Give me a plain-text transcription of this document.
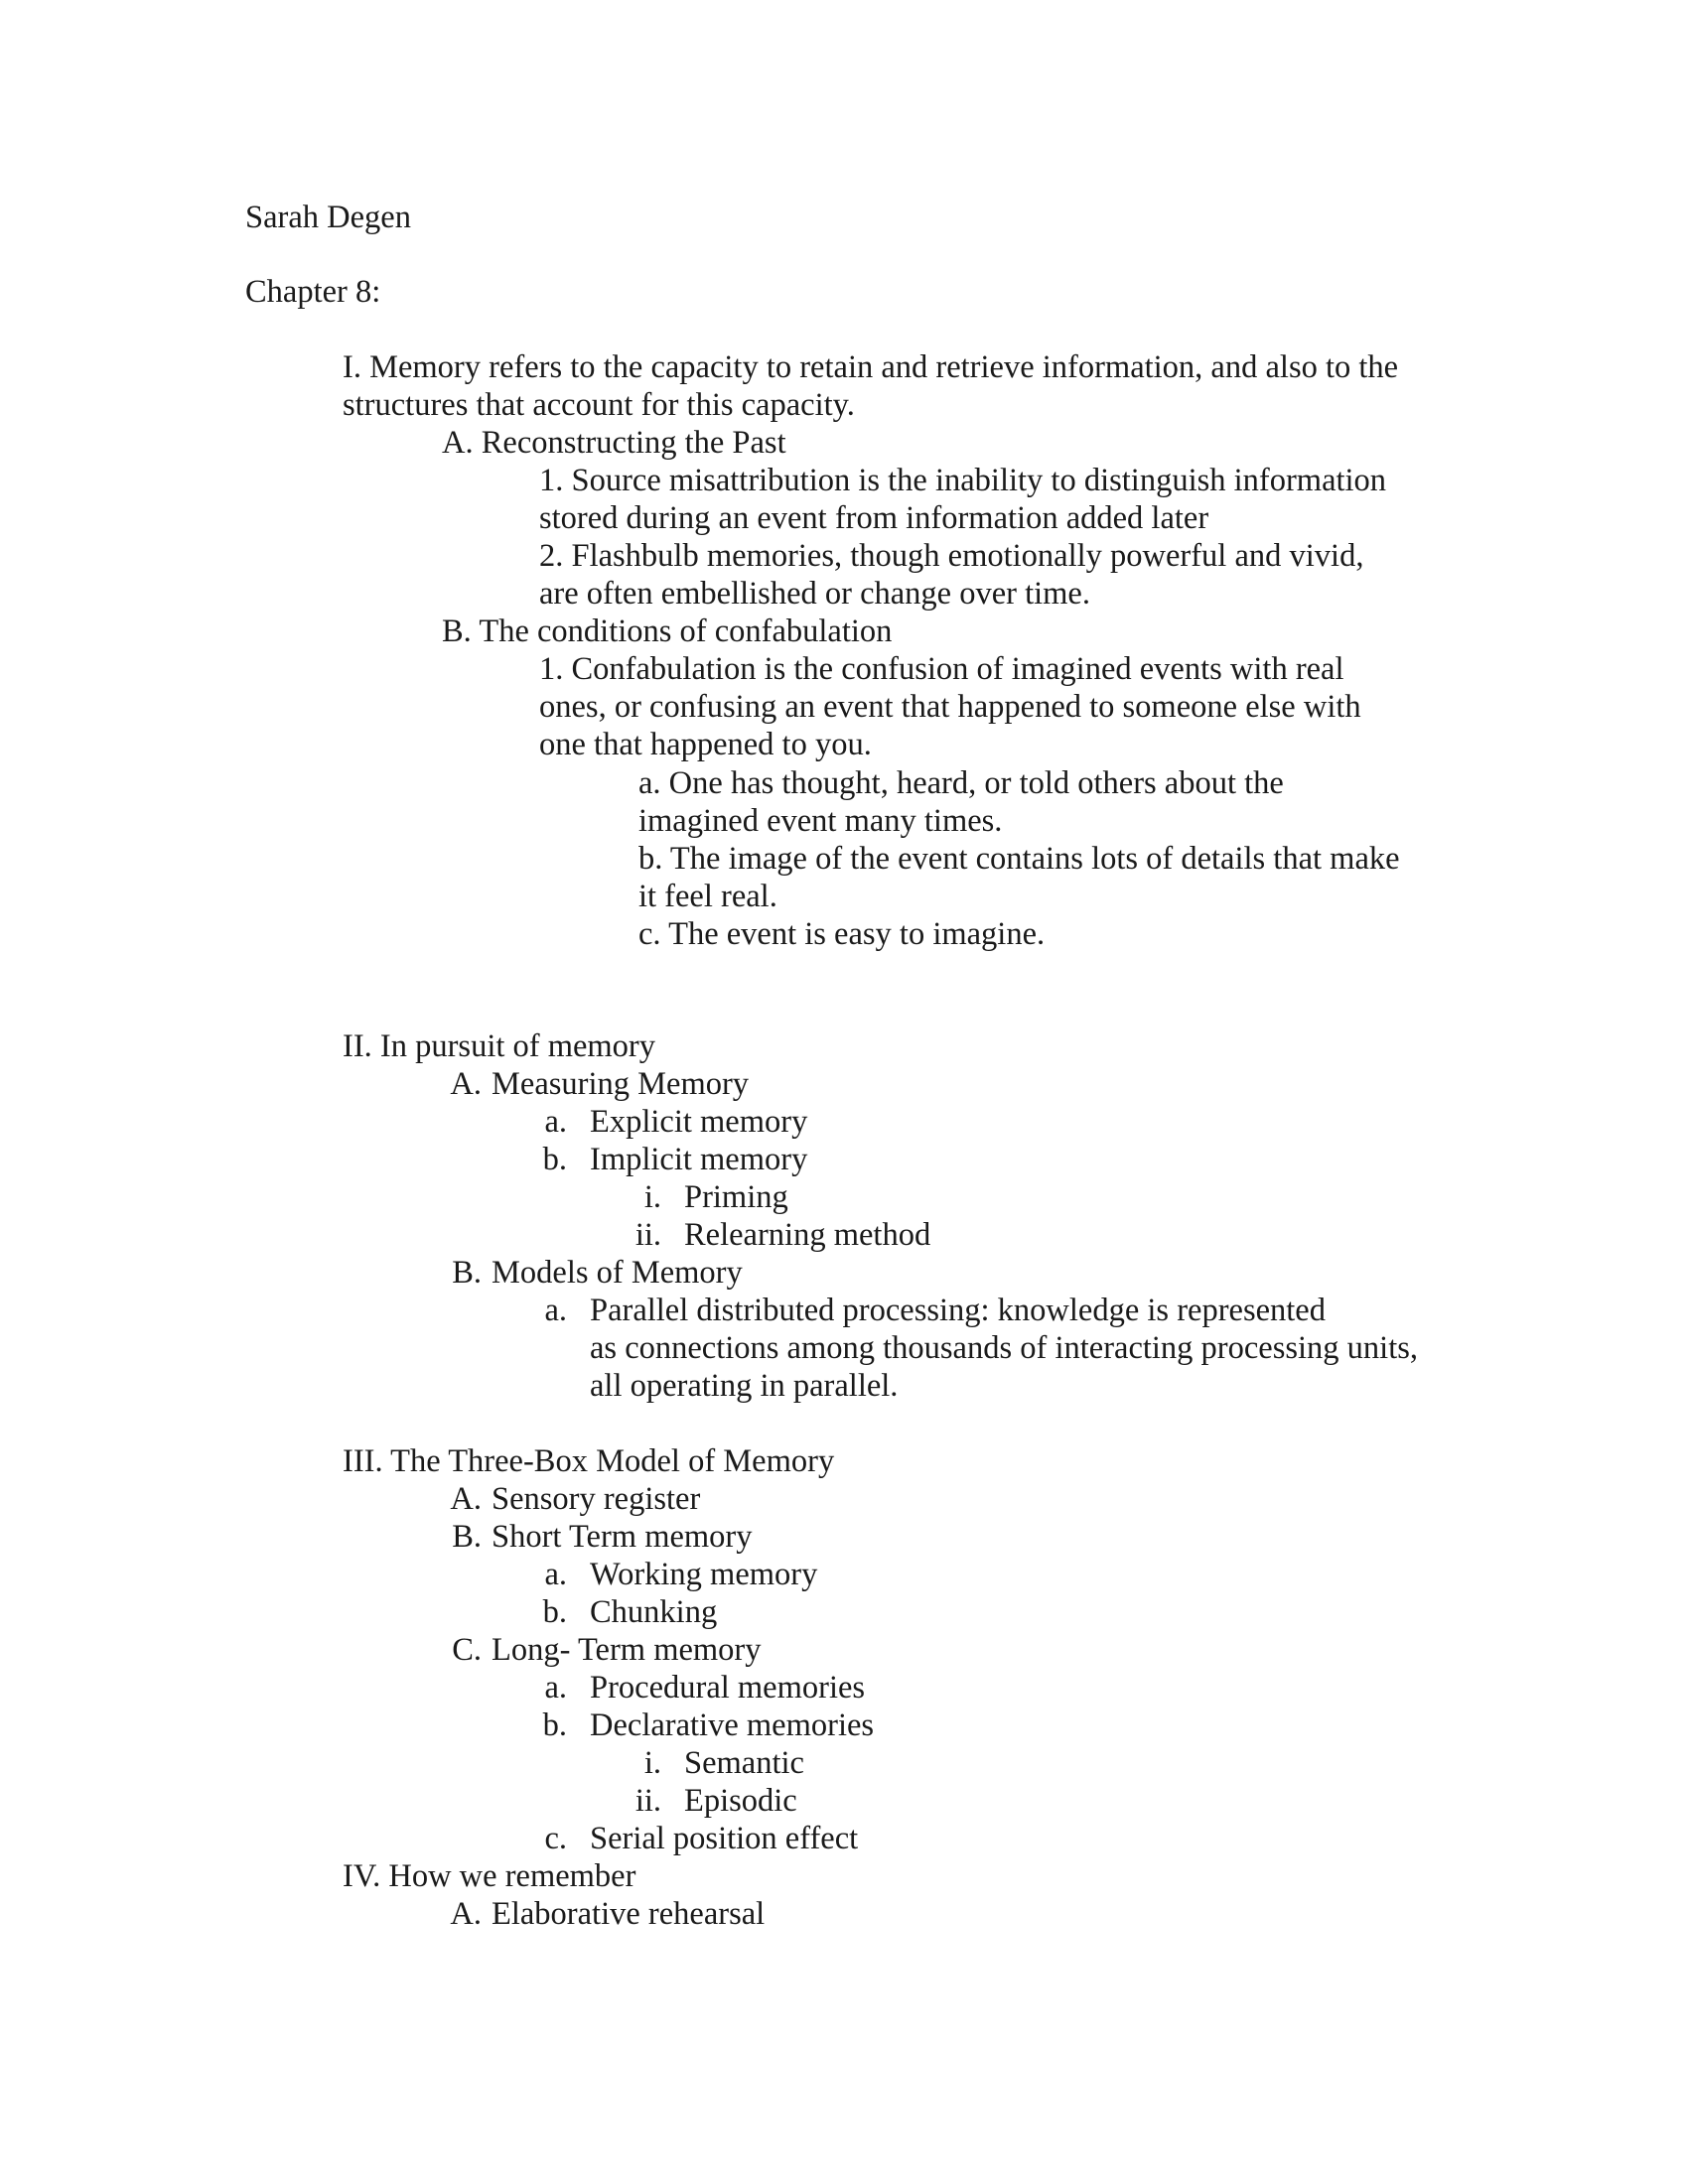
Sarah Degen
Chapter 8:
I. Memory refers to the capacity to retain and retrieve information, and also to the
structures that account for this capacity.
A. Reconstructing the Past
1. Source misattribution is the inability to distinguish information
stored during an event from information added later
2. Flashbulb memories, though emotionally powerful and vivid,
are often embellished or change over time.
B. The conditions of confabulation
1. Confabulation is the confusion of imagined events with real
ones, or confusing an event that happened to someone else with
one that happened to you.
a. One has thought, heard, or told others about the
imagined event many times.
b. The image of the event contains lots of details that make
it feel real.
c. The event is easy to imagine.
II. In pursuit of memory
A. Measuring Memory
a. Explicit memory
b. Implicit memory
i. Priming
ii. Relearning method
B. Models of Memory
a. Parallel distributed processing: knowledge is represented
as connections among thousands of interacting processing units,
all operating in parallel.
III. The Three-Box Model of Memory
A. Sensory register
B. Short Term memory
a. Working memory
b. Chunking
C. Long- Term memory
a. Procedural memories
b. Declarative memories
i. Semantic
ii. Episodic
c. Serial position effect
IV. How we remember
A. Elaborative rehearsal
